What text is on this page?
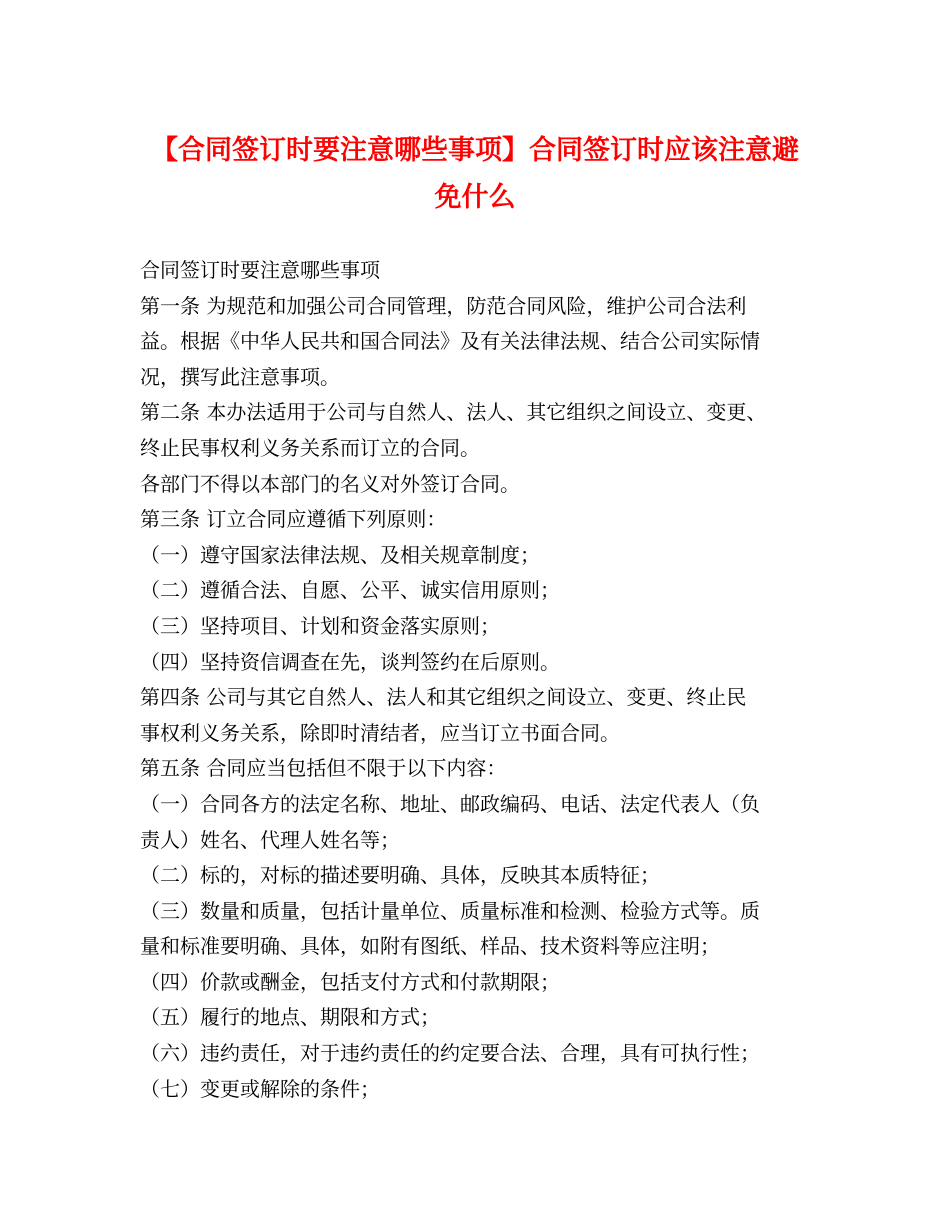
【合同签订时要注意哪些事项】合同签订时应该注意避
免什么
合同签订时要注意哪些事项
第一条 为规范和加强公司合同管理，防范合同风险，维护公司合法利
益。根据《中华人民共和国合同法》及有关法律法规、结合公司实际情
况，撰写此注意事项。
第二条 本办法适用于公司与自然人、法人、其它组织之间设立、变更、
终止民事权利义务关系而订立的合同。
各部门不得以本部门的名义对外签订合同。
第三条 订立合同应遵循下列原则：
（一）遵守国家法律法规、及相关规章制度；
（二）遵循合法、自愿、公平、诚实信用原则；
（三）坚持项目、计划和资金落实原则；
（四）坚持资信调查在先，谈判签约在后原则。
第四条 公司与其它自然人、法人和其它组织之间设立、变更、终止民
事权利义务关系，除即时清结者，应当订立书面合同。
第五条 合同应当包括但不限于以下内容：
（一）合同各方的法定名称、地址、邮政编码、电话、法定代表人（负
责人）姓名、代理人姓名等；
（二）标的，对标的描述要明确、具体，反映其本质特征；
（三）数量和质量，包括计量单位、质量标准和检测、检验方式等。质
量和标准要明确、具体，如附有图纸、样品、技术资料等应注明；
（四）价款或酬金，包括支付方式和付款期限；
（五）履行的地点、期限和方式；
（六）违约责任，对于违约责任的约定要合法、合理，具有可执行性；
（七）变更或解除的条件；
